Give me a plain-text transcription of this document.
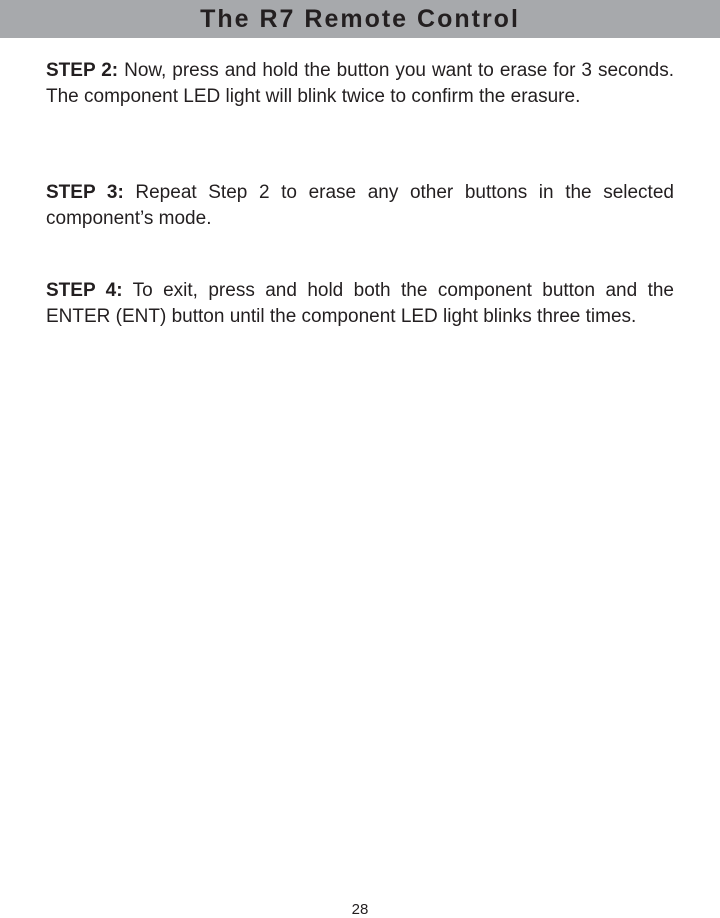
The R7 Remote Control

STEP 2: Now, press and hold the button you want to erase for 3 seconds. The component LED light will blink twice to confirm the erasure.

STEP 3: Repeat Step 2 to erase any other buttons in the selected component’s mode.

STEP 4: To exit, press and hold both the component button and the ENTER (ENT) button until the component LED light blinks three times.

28
